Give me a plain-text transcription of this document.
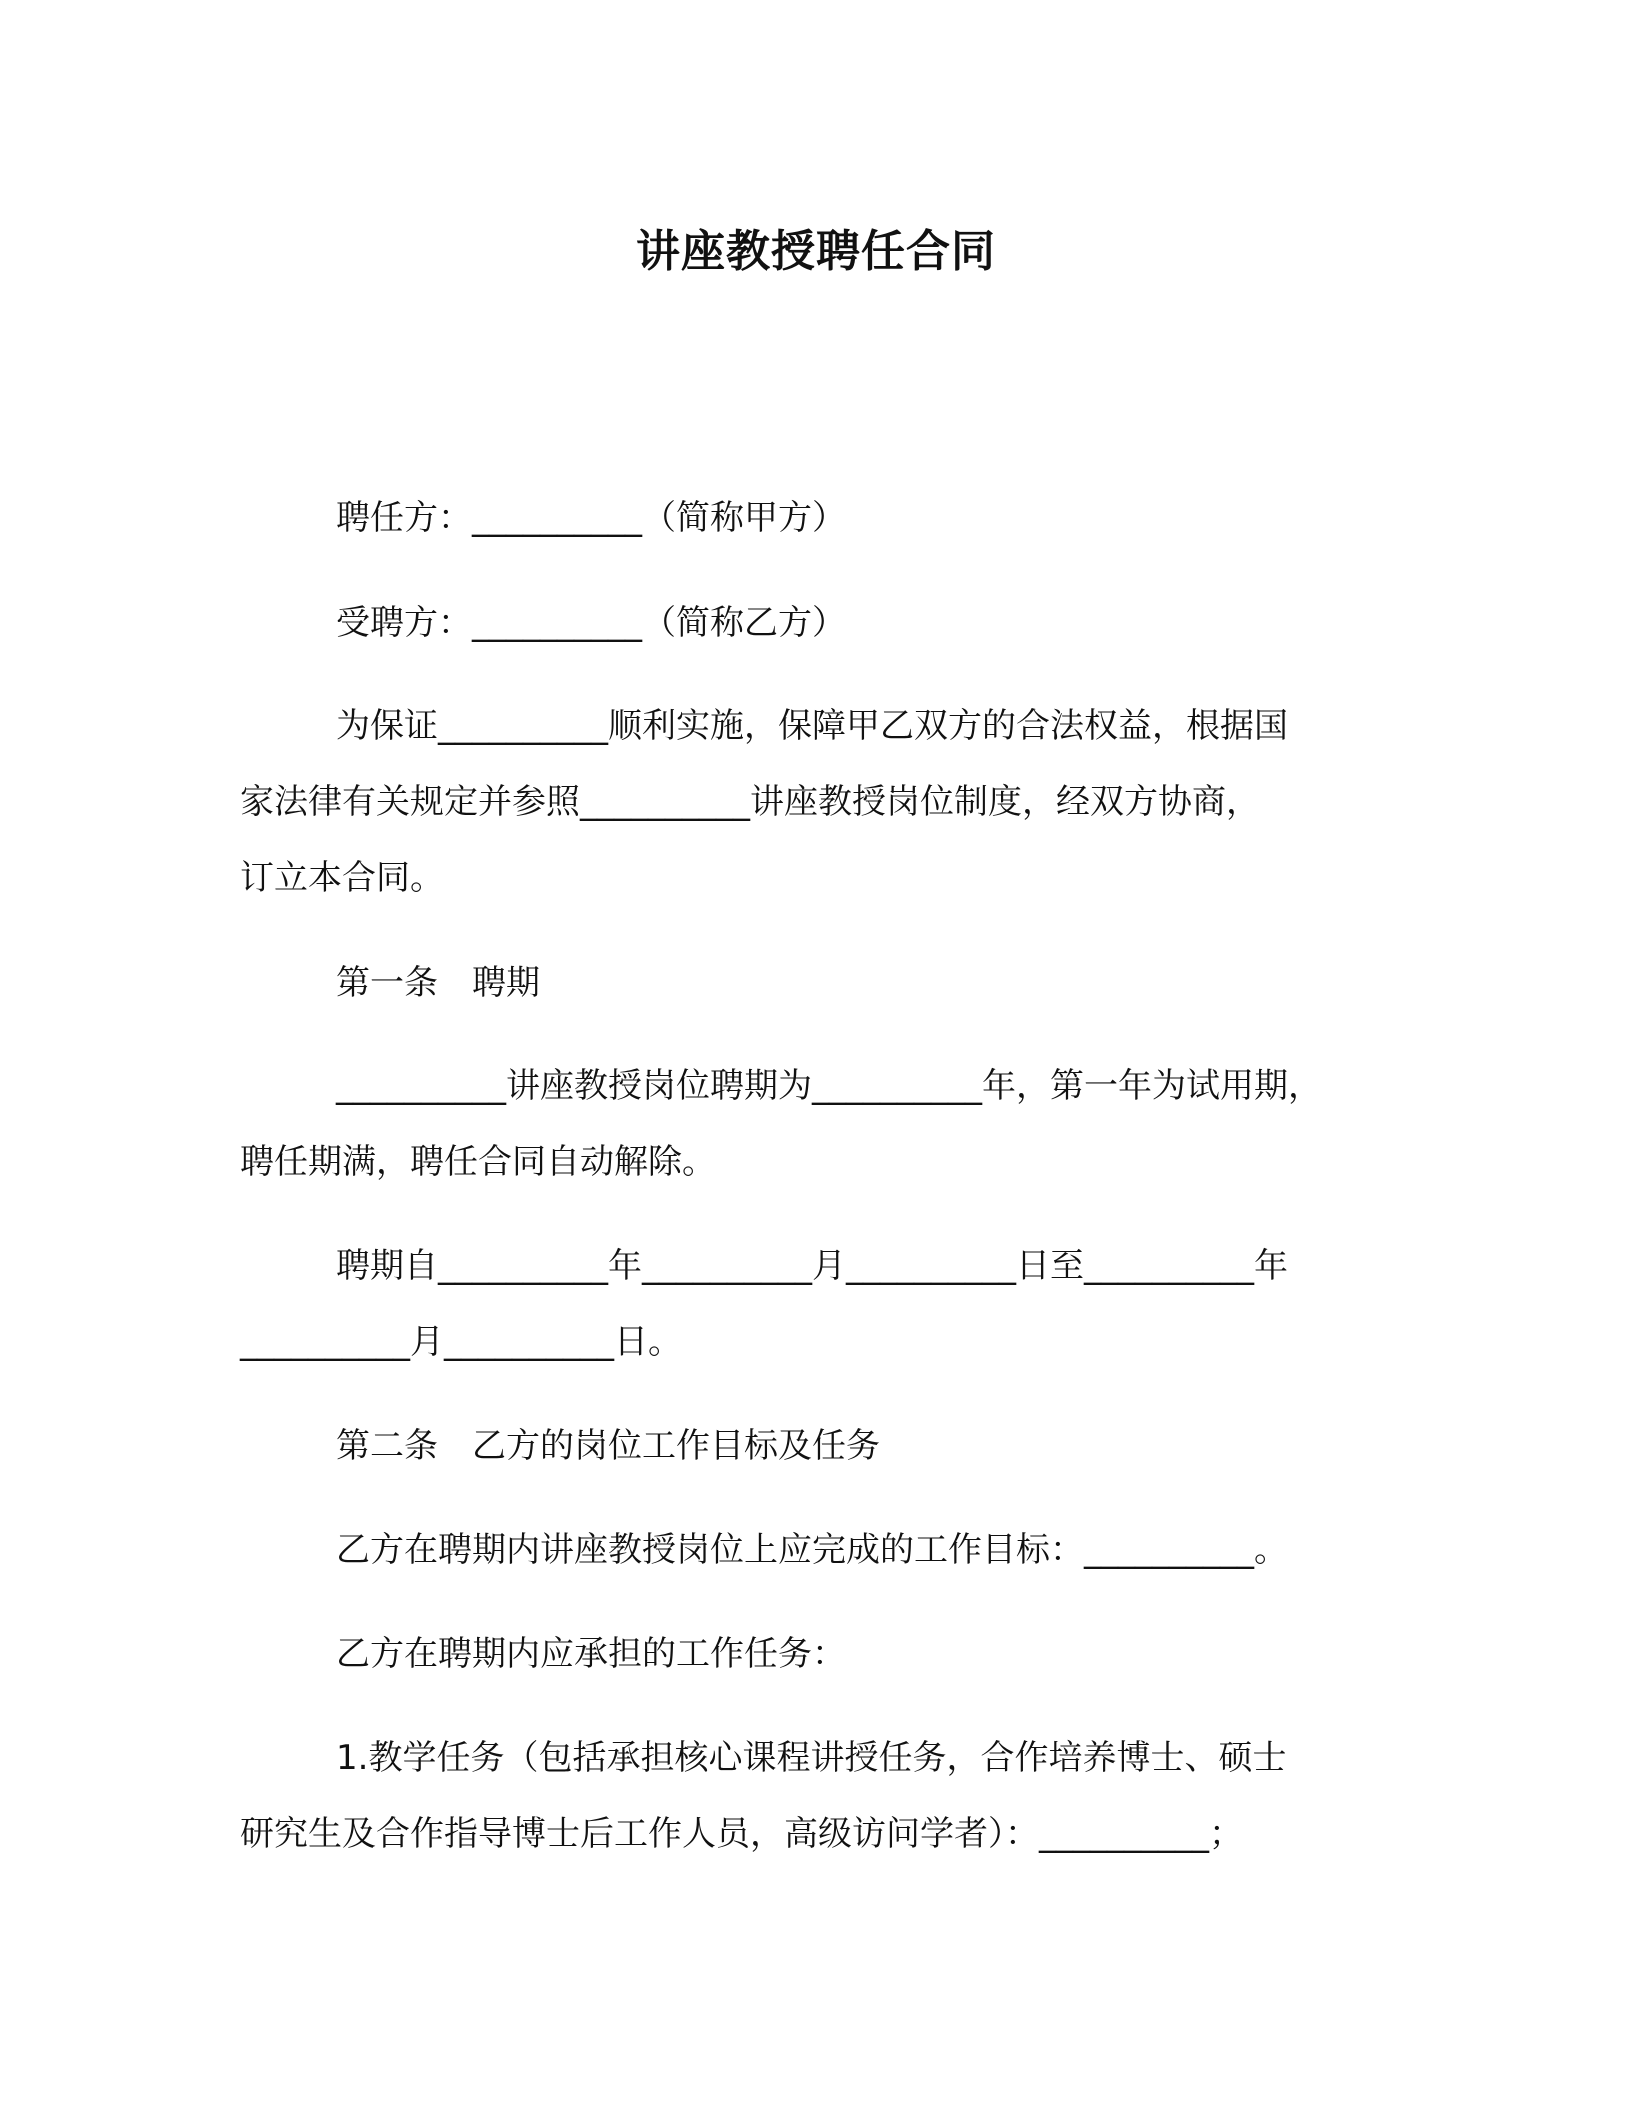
讲座教授聘任合同
聘任方：__________（简称甲方）
受聘方：__________（简称乙方）
为保证__________顺利实施，保障甲乙双方的合法权益，根据国
家法律有关规定并参照__________讲座教授岗位制度，经双方协商，
订立本合同。
第一条　聘期
__________讲座教授岗位聘期为__________年，第一年为试用期，
聘任期满，聘任合同自动解除。
聘期自__________年__________月__________日至__________年
__________月__________日。
第二条　乙方的岗位工作目标及任务
乙方在聘期内讲座教授岗位上应完成的工作目标：__________。
乙方在聘期内应承担的工作任务：
1.教学任务（包括承担核心课程讲授任务，合作培养博士、硕士
研究生及合作指导博士后工作人员，高级访问学者）：__________；
